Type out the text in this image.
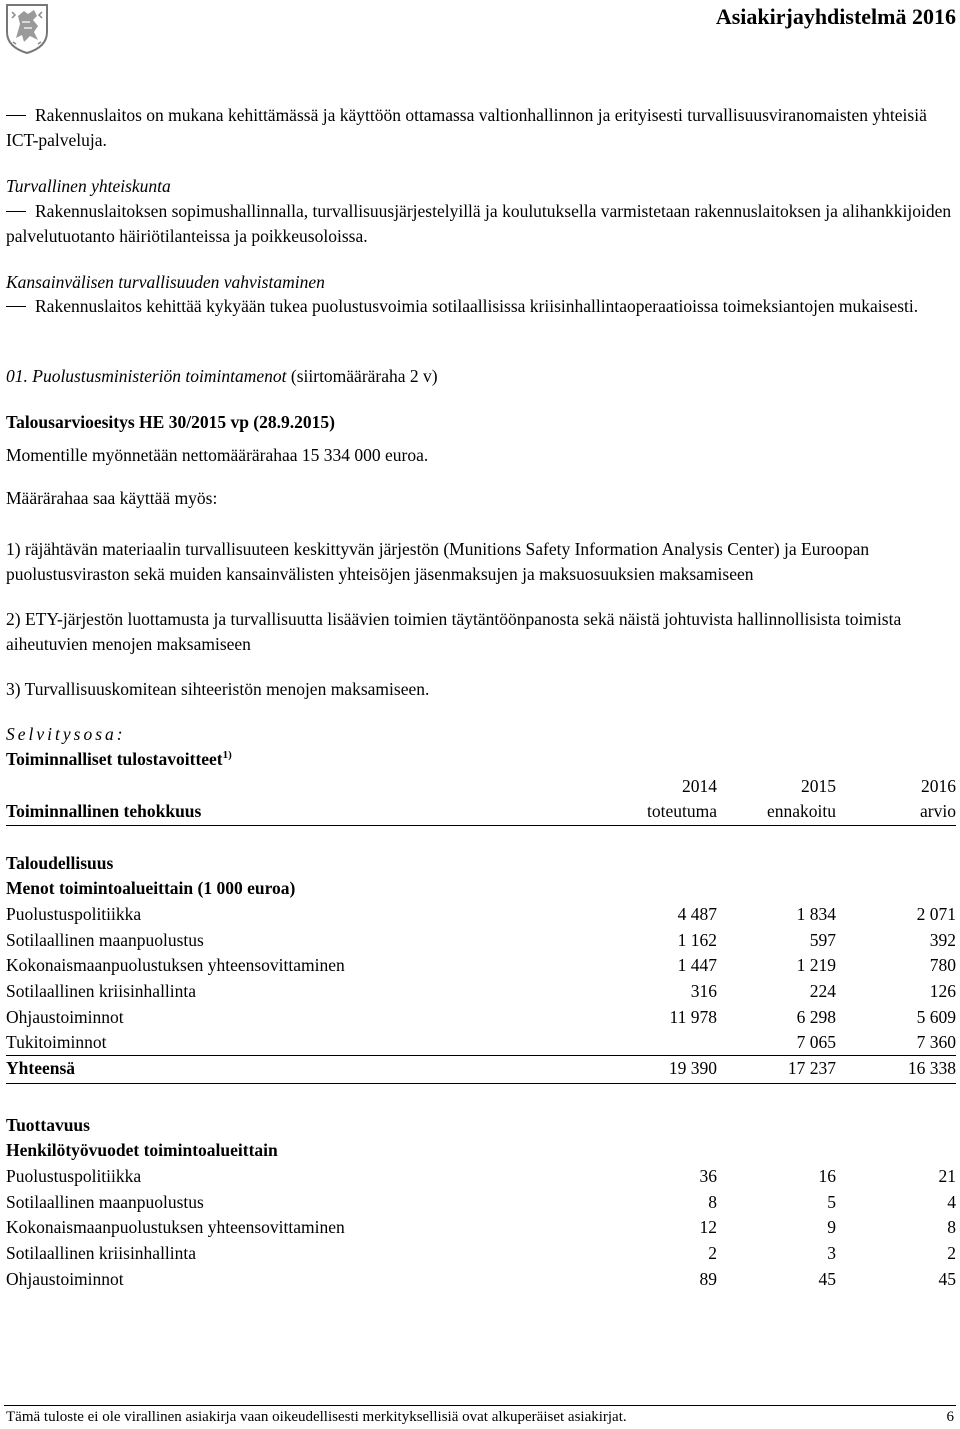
Asiakirjayhdistelmä 2016

Rakennuslaitos on mukana kehittämässä ja käyttöön ottamassa valtionhallinnon ja erityisesti turvallisuusviranomaisten yhteisiä ICT-palveluja.

Turvallinen yhteiskunta

Rakennuslaitoksen sopimushallinnalla, turvallisuusjärjestelyillä ja koulutuksella varmistetaan rakennuslaitoksen ja alihankkijoiden palvelutuotanto häiriötilanteissa ja poikkeusoloissa.

Kansainvälisen turvallisuuden vahvistaminen

Rakennuslaitos kehittää kykyään tukea puolustusvoimia sotilaallisissa kriisinhallintaoperaatioissa toimeksiantojen mukaisesti.

01. Puolustusministeriön toimintamenot (siirtomääräraha 2 v)

Talousarvioesitys HE 30/2015 vp (28.9.2015)

Momentille myönnetään nettomäärärahaa 15 334 000 euroa.

Määrärahaa saa käyttää myös:

1) räjähtävän materiaalin turvallisuuteen keskittyvän järjestön (Munitions Safety Information Analysis Center) ja Euroopan puolustusviraston sekä muiden kansainvälisten yhteisöjen jäsenmaksujen ja maksuosuuksien maksamiseen

2) ETY-järjestön luottamusta ja turvallisuutta lisäävien toimien täytäntöönpanosta sekä näistä johtuvista hallinnollisista toimista aiheutuvien menojen maksamiseen

3) Turvallisuuskomitean sihteeristön menojen maksamiseen.

Selvitysosa:

Toiminnalliset tulostavoitteet$^{1)}$

	2014	2015	2016
Toiminnallinen tehokkuus	toteutuma	ennakoitu	arvio
Taloudellisuus			
Menot toimintoalueittain (1 000 euroa)			
Puolustuspolitiikka	4 487	1 834	2 071
Sotilaallinen maanpuolustus	1 162	597	392
Kokonaismaanpuolustuksen yhteensovittaminen	1 447	1 219	780
Sotilaallinen kriisinhallinta	316	224	126
Ohjaustoiminnot	11 978	6 298	5 609
Tukitoiminnot		7 065	7 360
Yhteensä	19 390	17 237	16 338
Tuottavuus			
Henkilötyövuodet toimintoalueittain			
Puolustuspolitiikka	36	16	21
Sotilaallinen maanpuolustus	8	5	4
Kokonaismaanpuolustuksen yhteensovittaminen	12	9	8
Sotilaallinen kriisinhallinta	2	3	2
Ohjaustoiminnot	89	45	45
Tämä tuloste ei ole virallinen asiakirja vaan oikeudellisesti merkityksellisiä ovat alkuperäiset asiakirjat.	6
